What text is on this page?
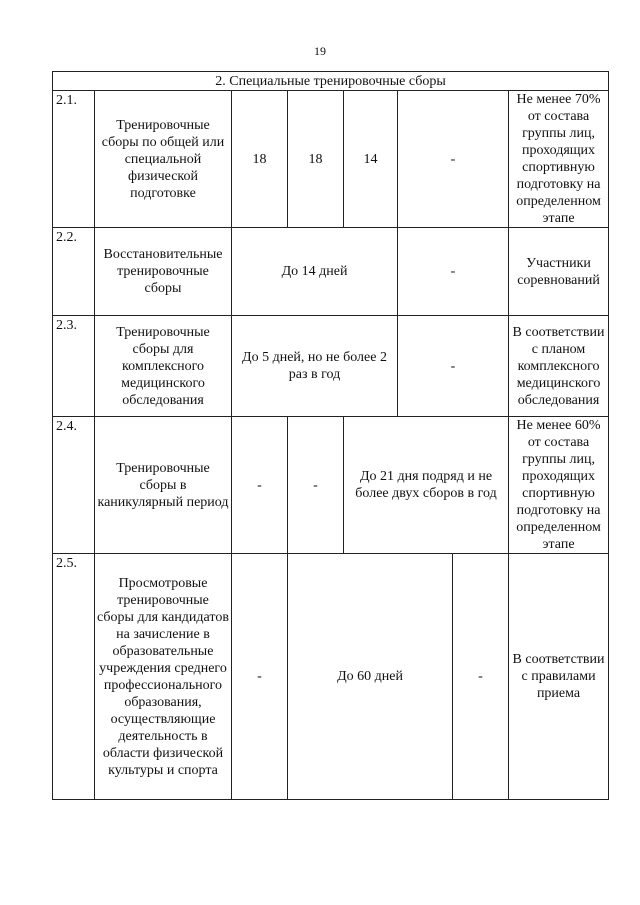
19
2. Специальные тренировочные сборы							
2.1.	Тренировочные сборы по общей или специальной физической подготовке	18	18	14	-		Не менее 70% от состава группы лиц, проходящих спортивную подготовку на определенном этапе
2.2.	Восстановительные тренировочные сборы	До 14 дней			-		Участники соревнований
2.3.	Тренировочные сборы для комплексного медицинского обследования	До 5 дней, но не более 2 раз в год			-		В соответствии с планом комплексного медицинского обследования
2.4.	Тренировочные сборы в каникулярный период	-	-	До 21 дня подряд и не более двух сборов в год			Не менее 60% от состава группы лиц, проходящих спортивную подготовку на определенном этапе
2.5.	Просмотровые тренировочные сборы для кандидатов на зачисление в образовательные учреждения среднего профессионального образования, осуществляющие деятельность в области физической культуры и спорта	-	До 60 дней			-	В соответствии с правилами приема
